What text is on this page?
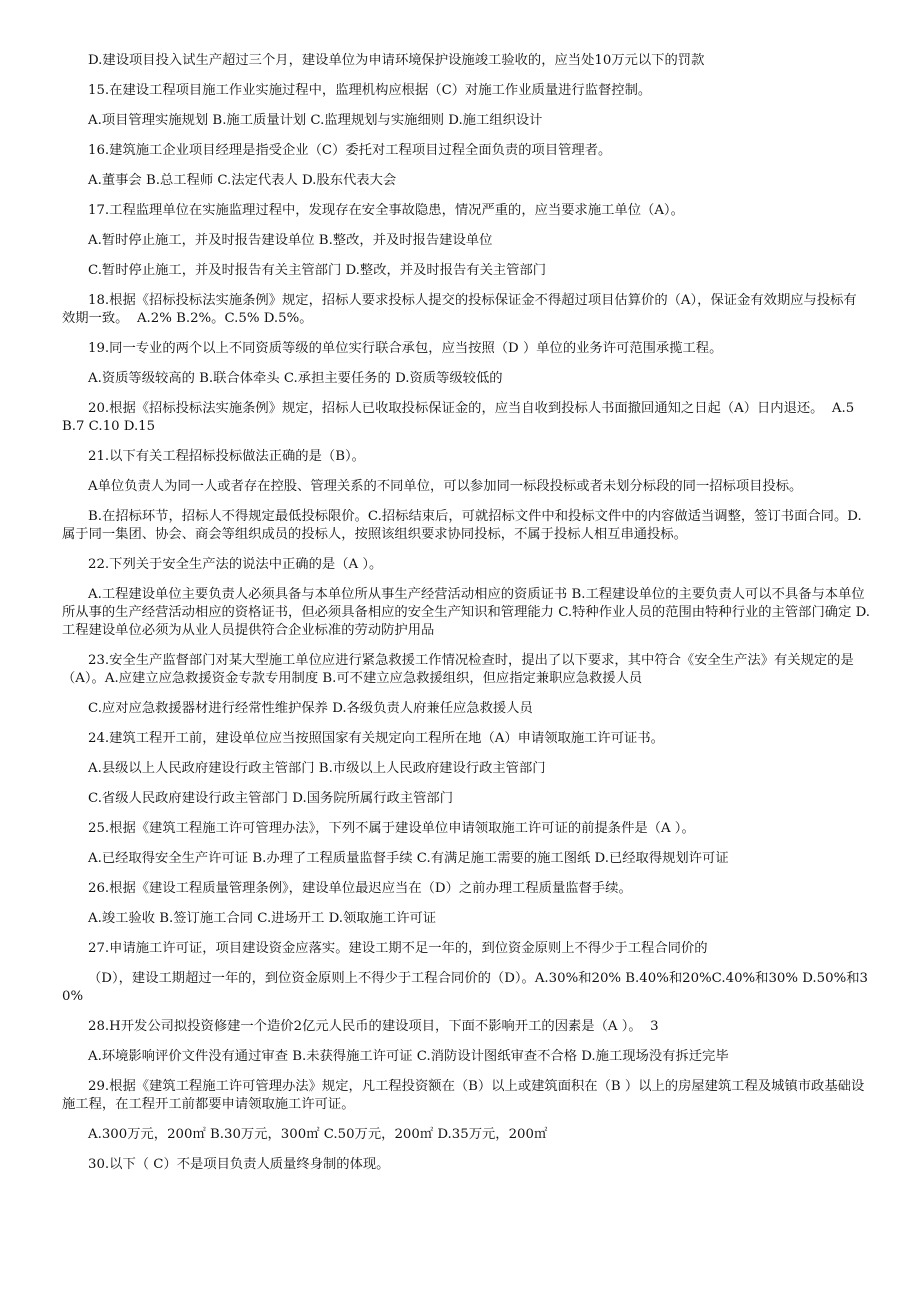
D.建设项目投入试生产超过三个月，建设单位为申请环境保护设施竣工验收的，应当处10万元以下的罚款

15.在建设工程项目施工作业实施过程中，监理机构应根据（C）对施工作业质量进行监督控制。

A.项目管理实施规划 B.施工质量计划 C.监理规划与实施细则 D.施工组织设计

16.建筑施工企业项目经理是指受企业（C）委托对工程项目过程全面负责的项目管理者。

A.董事会 B.总工程师 C.法定代表人 D.股东代表大会

17.工程监理单位在实施监理过程中，发现存在安全事故隐患，情况严重的，应当要求施工单位（A）。

A.暂时停止施工，并及时报告建设单位 B.整改，并及时报告建设单位

C.暂时停止施工，并及时报告有关主管部门 D.整改，并及时报告有关主管部门

18.根据《招标投标法实施条例》规定，招标人要求投标人提交的投标保证金不得超过项目估算价的（A），保证金有效期应与投标有效期一致。  A.2% B.2%。C.5% D.5%。

19.同一专业的两个以上不同资质等级的单位实行联合承包，应当按照（D ）单位的业务许可范围承揽工程。

A.资质等级较高的 B.联合体牵头 C.承担主要任务的 D.资质等级较低的

20.根据《招标投标法实施条例》规定，招标人已收取投标保证金的，应当自收到投标人书面撤回通知之日起（A）日内退还。  A.5 B.7 C.10 D.15

21.以下有关工程招标投标做法正确的是（B）。

A单位负责人为同一人或者存在控股、管理关系的不同单位，可以参加同一标段投标或者未划分标段的同一招标项目投标。

B.在招标环节，招标人不得规定最低投标限价。C.招标结束后，可就招标文件中和投标文件中的内容做适当调整，签订书面合同。D.属于同一集团、协会、商会等组织成员的投标人，按照该组织要求协同投标，不属于投标人相互串通投标。

22.下列关于安全生产法的说法中正确的是（A ）。

A.工程建设单位主要负责人必须具备与本单位所从事生产经营活动相应的资质证书 B.工程建设单位的主要负责人可以不具备与本单位所从事的生产经营活动相应的资格证书，但必须具备相应的安全生产知识和管理能力 C.特种作业人员的范围由特种行业的主管部门确定 D.工程建设单位必须为从业人员提供符合企业标准的劳动防护用品

23.安全生产监督部门对某大型施工单位应进行紧急救援工作情况检查时，提出了以下要求，其中符合《安全生产法》有关规定的是（A）。A.应建立应急救援资金专款专用制度 B.可不建立应急救援组织，但应指定兼职应急救援人员

C.应对应急救援器材进行经常性维护保养 D.各级负责人府兼任应急救援人员

24.建筑工程开工前，建设单位应当按照国家有关规定向工程所在地（A）申请领取施工许可证书。

A.县级以上人民政府建设行政主管部门 B.市级以上人民政府建设行政主管部门

C.省级人民政府建设行政主管部门 D.国务院所属行政主管部门

25.根据《建筑工程施工许可管理办法》，下列不属于建设单位申请领取施工许可证的前提条件是（A ）。

A.已经取得安全生产许可证 B.办理了工程质量监督手续 C.有满足施工需要的施工图纸 D.已经取得规划许可证

26.根据《建设工程质量管理条例》，建设单位最迟应当在（D）之前办理工程质量监督手续。

A.竣工验收 B.签订施工合同 C.进场开工 D.领取施工许可证

27.申请施工许可证，项目建设资金应落实。建设工期不足一年的，到位资金原则上不得少于工程合同价的

（D），建设工期超过一年的，到位资金原则上不得少于工程合同价的（D）。A.30%和20% B.40%和20%C.40%和30% D.50%和30%

28.H开发公司拟投资修建一个造价2亿元人民币的建设项目，下面不影响开工的因素是（A ）。  3

A.环境影响评价文件没有通过审查 B.未获得施工许可证 C.消防设计图纸审查不合格 D.施工现场没有拆迁完毕

29.根据《建筑工程施工许可管理办法》规定，凡工程投资额在（B）以上或建筑面积在（B ）以上的房屋建筑工程及城镇市政基础设施工程，在工程开工前都要申请领取施工许可证。

A.300万元，200㎡ B.30万元，300㎡ C.50万元，200㎡ D.35万元，200㎡

30.以下（ C）不是项目负责人质量终身制的体现。
